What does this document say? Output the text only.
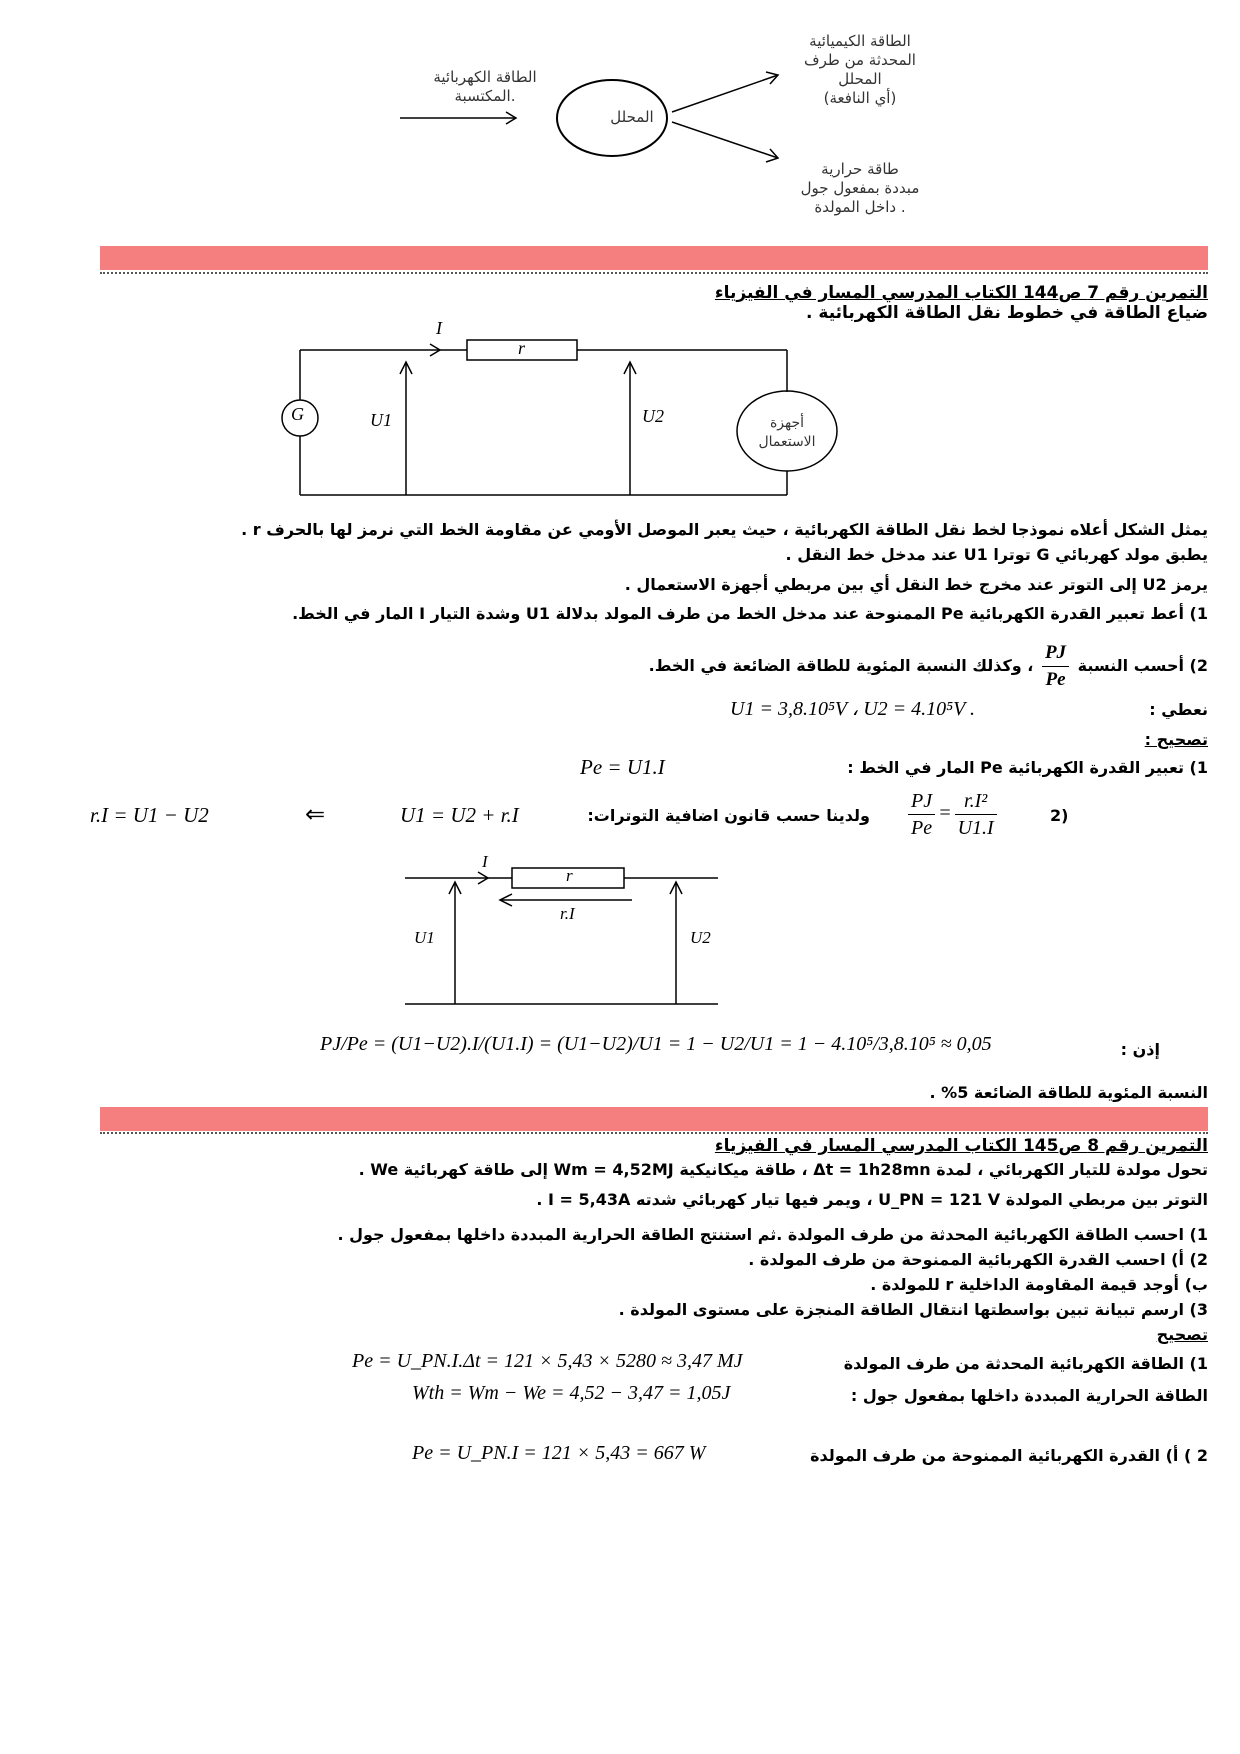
الطاقة الكهربائية
المكتسبة.
المحلل
الطاقة الكيميائية
المحدثة من طرف
المحلل
(أي النافعة)
طاقة حرارية
مبددة بمفعول جول
داخل المولدة .
التمرين رقم 7 ص144 الكتاب المدرسي المسار في الفيزياء
ضياع الطاقة في خطوط نقل الطاقة الكهربائية .
I
r
G	U1	U2	أجهزة
الاستعمال
يمثل الشكل أعلاه نموذجا لخط نقل الطاقة الكهربائية ، حيث يعبر الموصل الأومي عن مقاومة الخط التي نرمز لها بالحرف r .
يطبق مولد كهربائي G توترا U1 عند مدخل خط النقل .
يرمز U2 إلى التوتر عند مخرج خط النقل أي بين مربطي أجهزة الاستعمال .
1) أعط تعبير القدرة الكهربائية Pe الممنوحة عند مدخل الخط من طرف المولد بدلالة U1 وشدة التيار I المار في الخط.
2) أحسب النسبة
$\frac{PJ}{Pe}$
، وكذلك النسبة المئوية للطاقة الضائعة في الخط.
نعطي :
U1 = 3,8.10⁵V ، U2 = 4.10⁵V .
تصحيح :
1) تعبير القدرة الكهربائية Pe المار في الخط :
Pe = U1.I
2)
$\frac{PJ}{Pe} = \frac{\text{r.I²}}{U1.I}$
ولدينا حسب قانون اضافية التوترات:
U1 = U2 + r.I
⇐
r.I = U1 − U2
I
r
r.I
U1	U2
إذن :
PJ/Pe = (U1−U2).I/(U1.I) = (U1−U2)/U1 = 1 − U2/U1 = 1 − 4.10⁵/3,8.10⁵ ≈ 0,05
النسبة المئوية للطاقة الضائعة 5% .
التمرين رقم 8 ص145 الكتاب المدرسي المسار في الفيزياء
تحول مولدة للتيار الكهربائي ، لمدة Δt = 1h28mn ، طاقة ميكانيكية Wm = 4,52MJ إلى طاقة كهربائية We .
التوتر بين مربطي المولدة U_PN = 121 V ، ويمر فيها تيار كهربائي شدته I = 5,43A .
1) احسب الطاقة الكهربائية المحدثة من طرف المولدة .ثم استنتج الطاقة الحرارية المبددة داخلها بمفعول جول .
2) أ) احسب القدرة الكهربائية الممنوحة من طرف المولدة .
ب) أوجد قيمة المقاومة الداخلية r للمولدة .
3) ارسم تبيانة تبين بواسطتها انتقال الطاقة المنجزة على مستوى المولدة .
تصحيح
1) الطاقة الكهربائية المحدثة من طرف المولدة
Pe = U_PN.I.Δt = 121 × 5,43 × 5280 ≈ 3,47 MJ
الطاقة الحرارية المبددة داخلها بمفعول جول :
Wth = Wm − We = 4,52 − 3,47 = 1,05J
2 ) أ) القدرة الكهربائية الممنوحة من طرف المولدة
Pe = U_PN.I = 121 × 5,43 = 667 W
